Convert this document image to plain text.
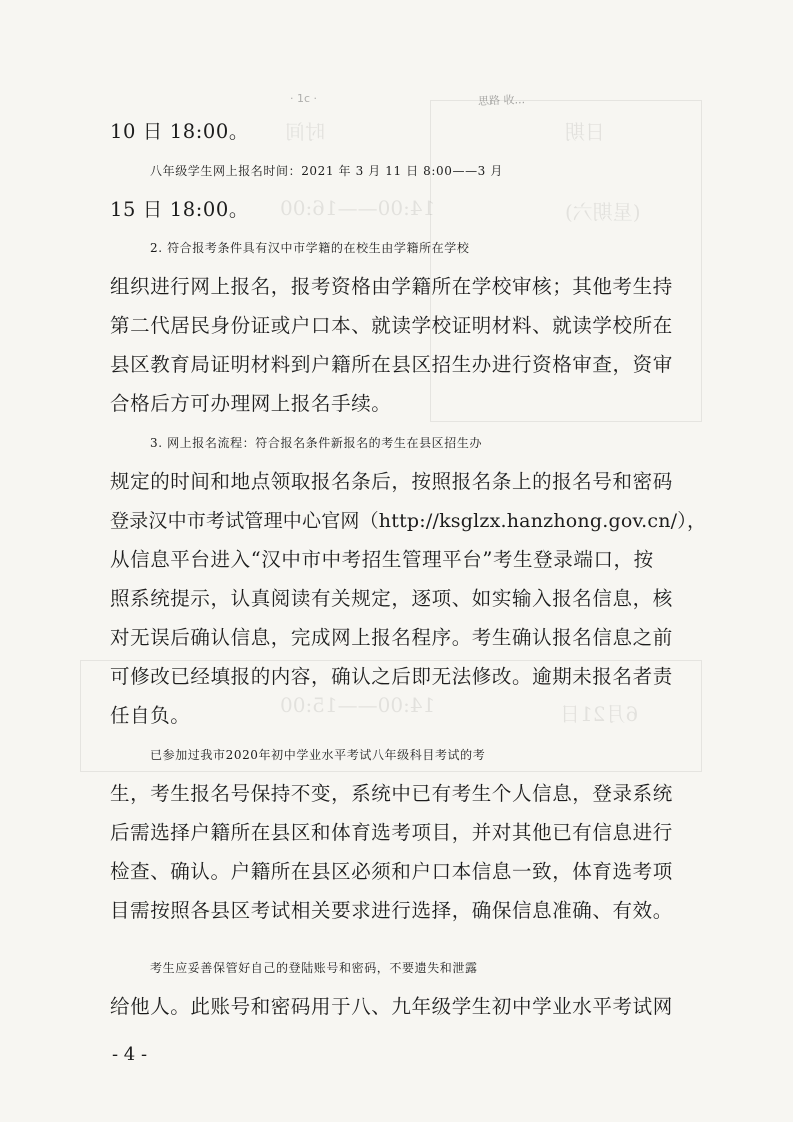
时间	日期
14:00——16:00	(星期六)
14:00——15:00	6月21日
· 1c ·	思路 收...
10 日 18:00。
八年级学生网上报名时间：2021 年 3 月 11 日 8:00——3 月
15 日 18:00。
2. 符合报考条件具有汉中市学籍的在校生由学籍所在学校
组织进行网上报名，报考资格由学籍所在学校审核；其他考生持
第二代居民身份证或户口本、就读学校证明材料、就读学校所在
县区教育局证明材料到户籍所在县区招生办进行资格审查，资审
合格后方可办理网上报名手续。
3. 网上报名流程：符合报名条件新报名的考生在县区招生办
规定的时间和地点领取报名条后，按照报名条上的报名号和密码
登录汉中市考试管理中心官网（http://ksglzx.hanzhong.gov.cn/），
从信息平台进入“汉中市中考招生管理平台”考生登录端口，按
照系统提示，认真阅读有关规定，逐项、如实输入报名信息，核
对无误后确认信息，完成网上报名程序。考生确认报名信息之前
可修改已经填报的内容，确认之后即无法修改。逾期未报名者责
任自负。
已参加过我市2020年初中学业水平考试八年级科目考试的考
生，考生报名号保持不变，系统中已有考生个人信息，登录系统
后需选择户籍所在县区和体育选考项目，并对其他已有信息进行
检查、确认。户籍所在县区必须和户口本信息一致，体育选考项
目需按照各县区考试相关要求进行选择，确保信息准确、有效。
考生应妥善保管好自己的登陆账号和密码，不要遗失和泄露
给他人。此账号和密码用于八、九年级学生初中学业水平考试网
- 4 -
